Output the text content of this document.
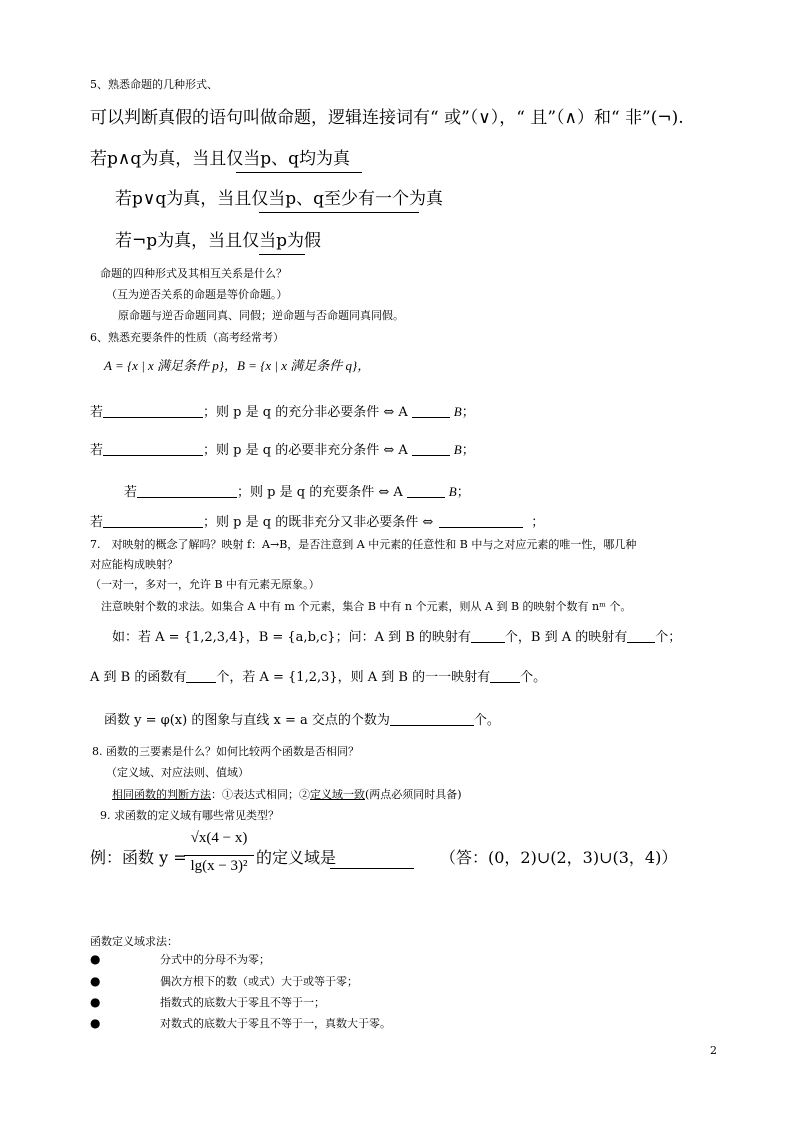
5、熟悉命题的几种形式、
可以判断真假的语句叫做命题，逻辑连接词有“ 或”（∨），“ 且”（∧）和“ 非”(¬).
若p∧q为真，当且仅当p、q均为真
若p∨q为真，当且仅当p、q至少有一个为真
若¬p为真，当且仅当p为假
命题的四种形式及其相互关系是什么？
（互为逆否关系的命题是等价命题。）
原命题与逆否命题同真、同假；逆命题与否命题同真同假。
6、熟悉充要条件的性质（高考经常考）
A = {x | x 满足条件 p}，B = {x | x 满足条件 q}，
若	；则 p 是 q 的充分非必要条件 ⇔ A	B；
若	；则 p 是 q 的必要非充分条件 ⇔ A	B；
若	；则 p 是 q 的充要条件 ⇔ A	B；
若	；则 p 是 q 的既非充分又非必要条件 ⇔	；
7.　对映射的概念了解吗？映射 f：A→B，是否注意到 A 中元素的任意性和 B 中与之对应元素的唯一性，哪几种
对应能构成映射？
（一对一，多对一，允许 B 中有元素无原象。）
注意映射个数的求法。如集合 A 中有 m 个元素，集合 B 中有 n 个元素，则从 A 到 B 的映射个数有 nᵐ 个。
如：若 A = {1,2,3,4}，B = {a,b,c}；问：A 到 B 的映射有	个，B 到 A 的映射有 个；
A 到 B 的函数有 个，若 A = {1,2,3}，则 A 到 B 的一一映射有 个。
函数 y = φ(x) 的图象与直线 x = a 交点的个数为	个。
8. 函数的三要素是什么？如何比较两个函数是否相同？
（定义域、对应法则、值域）
相同函数的判断方法：①表达式相同；②定义域一致(两点必须同时具备)
9. 求函数的定义域有哪些常见类型？
例：函数 y =
√x(4 − x)
lg(x − 3)² 的定义域是	（答：(0，2)∪(2，3)∪(3，4)）
函数定义域求法：
●	分式中的分母不为零；
●	偶次方根下的数（或式）大于或等于零；
●	指数式的底数大于零且不等于一；
●	对数式的底数大于零且不等于一，真数大于零。
2
